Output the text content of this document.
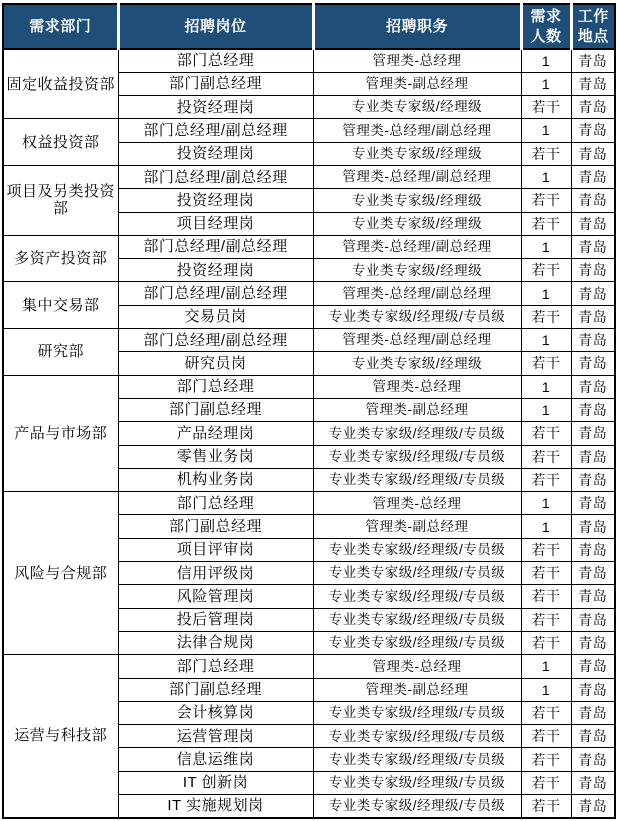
需求部门	招聘岗位	招聘职务	需求人数	工作地点
固定收益投资部	部门总经理	管理类-总经理	1	青岛
	部门副总经理	管理类-副总经理	1	青岛
	投资经理岗	专业类专家级/经理级	若干	青岛
权益投资部	部门总经理/副总经理	管理类-总经理/副总经理	1	青岛
	投资经理岗	专业类专家级/经理级	若干	青岛
项目及另类投资部	部门总经理/副总经理	管理类-总经理/副总经理	1	青岛
	投资经理岗	专业类专家级/经理级	若干	青岛
	项目经理岗	专业类专家级/经理级	若干	青岛
多资产投资部	部门总经理/副总经理	管理类-总经理/副总经理	1	青岛
	投资经理岗	专业类专家级/经理级	若干	青岛
集中交易部	部门总经理/副总经理	管理类-总经理/副总经理	1	青岛
	交易员岗	专业类专家级/经理级/专员级	若干	青岛
研究部	部门总经理/副总经理	管理类-总经理/副总经理	1	青岛
	研究员岗	专业类专家级/经理级	若干	青岛
产品与市场部	部门总经理	管理类-总经理	1	青岛
	部门副总经理	管理类-副总经理	1	青岛
	产品经理岗	专业类专家级/经理级/专员级	若干	青岛
	零售业务岗	专业类专家级/经理级/专员级	若干	青岛
	机构业务岗	专业类专家级/经理级/专员级	若干	青岛
风险与合规部	部门总经理	管理类-总经理	1	青岛
	部门副总经理	管理类-副总经理	1	青岛
	项目评审岗	专业类专家级/经理级/专员级	若干	青岛
	信用评级岗	专业类专家级/经理级/专员级	若干	青岛
	风险管理岗	专业类专家级/经理级/专员级	若干	青岛
	投后管理岗	专业类专家级/经理级/专员级	若干	青岛
	法律合规岗	专业类专家级/经理级/专员级	若干	青岛
运营与科技部	部门总经理	管理类-总经理	1	青岛
	部门副总经理	管理类-副总经理	1	青岛
	会计核算岗	专业类专家级/经理级/专员级	若干	青岛
	运营管理岗	专业类专家级/经理级/专员级	若干	青岛
	信息运维岗	专业类专家级/经理级/专员级	若干	青岛
	IT 创新岗	专业类专家级/经理级/专员级	若干	青岛
	IT 实施规划岗	专业类专家级/经理级/专员级	若干	青岛
